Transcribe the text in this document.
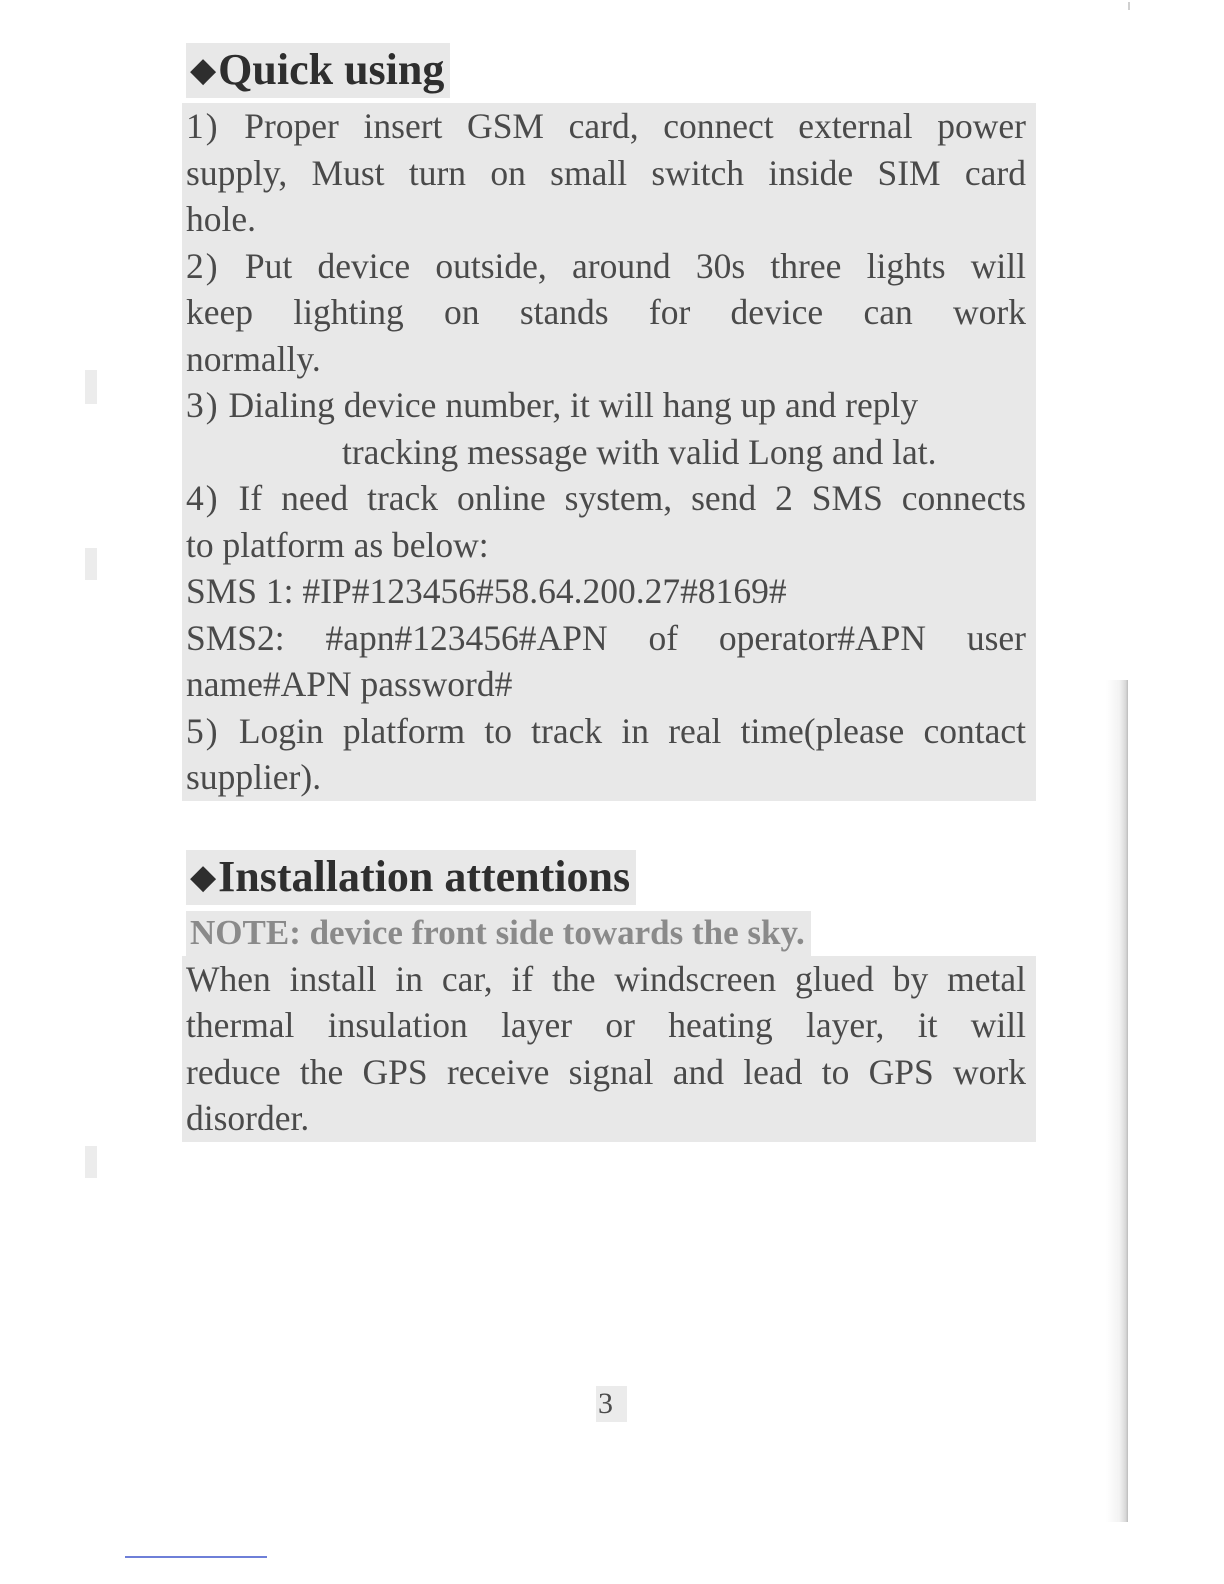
◆Quick using
1) Proper insert GSM card, connect external power
supply, Must turn on small switch inside SIM card
hole.
2) Put device outside, around 30s three lights will
keep lighting on stands for device can work
normally.
3) Dialing device number, it will hang up and reply
tracking message with valid Long and lat.
4) If need track online system, send 2 SMS connects
to platform as below:
SMS 1: #IP#123456#58.64.200.27#8169#
SMS2: #apn#123456#APN of operator#APN user
name#APN password#
5) Login platform to track in real time(please contact
supplier).
◆Installation attentions
NOTE: device front side towards the sky.
When install in car, if the windscreen glued by metal
thermal insulation layer or heating layer, it will
reduce the GPS receive signal and lead to GPS work
disorder.
3
